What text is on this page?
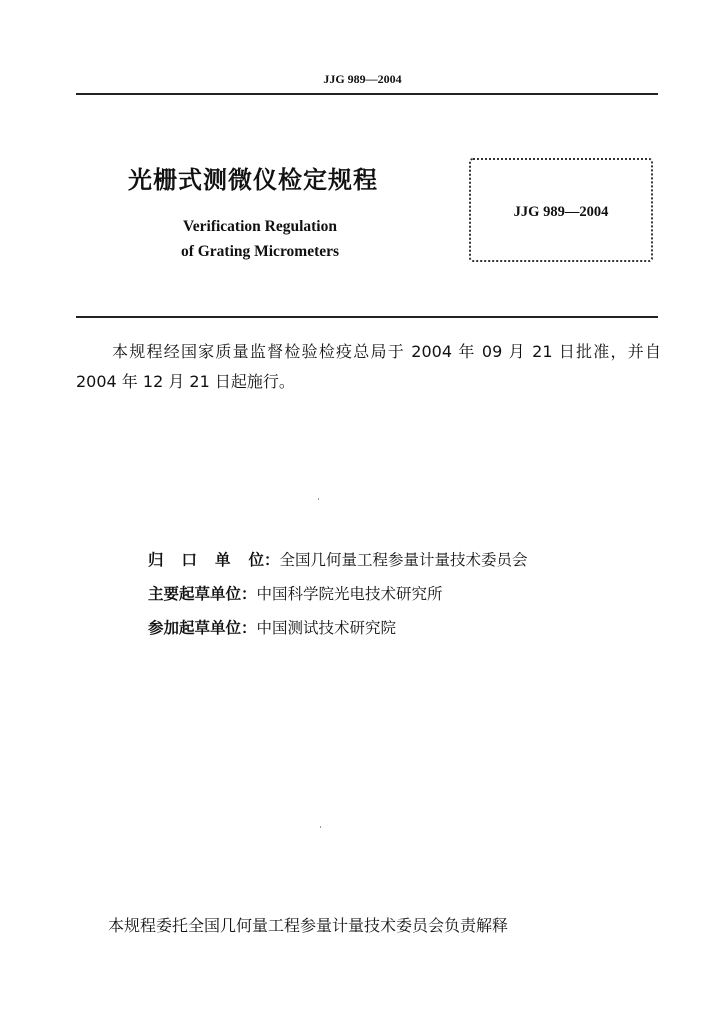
JJG 989—2004
光栅式测微仪检定规程
Verification Regulation
of Grating Micrometers
JJG 989—2004
本规程经国家质量监督检验检疫总局于 2004 年 09 月 21 日批准，并自 2004 年 12 月 21 日起施行。
归 口 单 位 ：全国几何量工程参量计量技术委员会
主要起草单位：中国科学院光电技术研究所
参加起草单位：中国测试技术研究院
本规程委托全国几何量工程参量计量技术委员会负责解释
